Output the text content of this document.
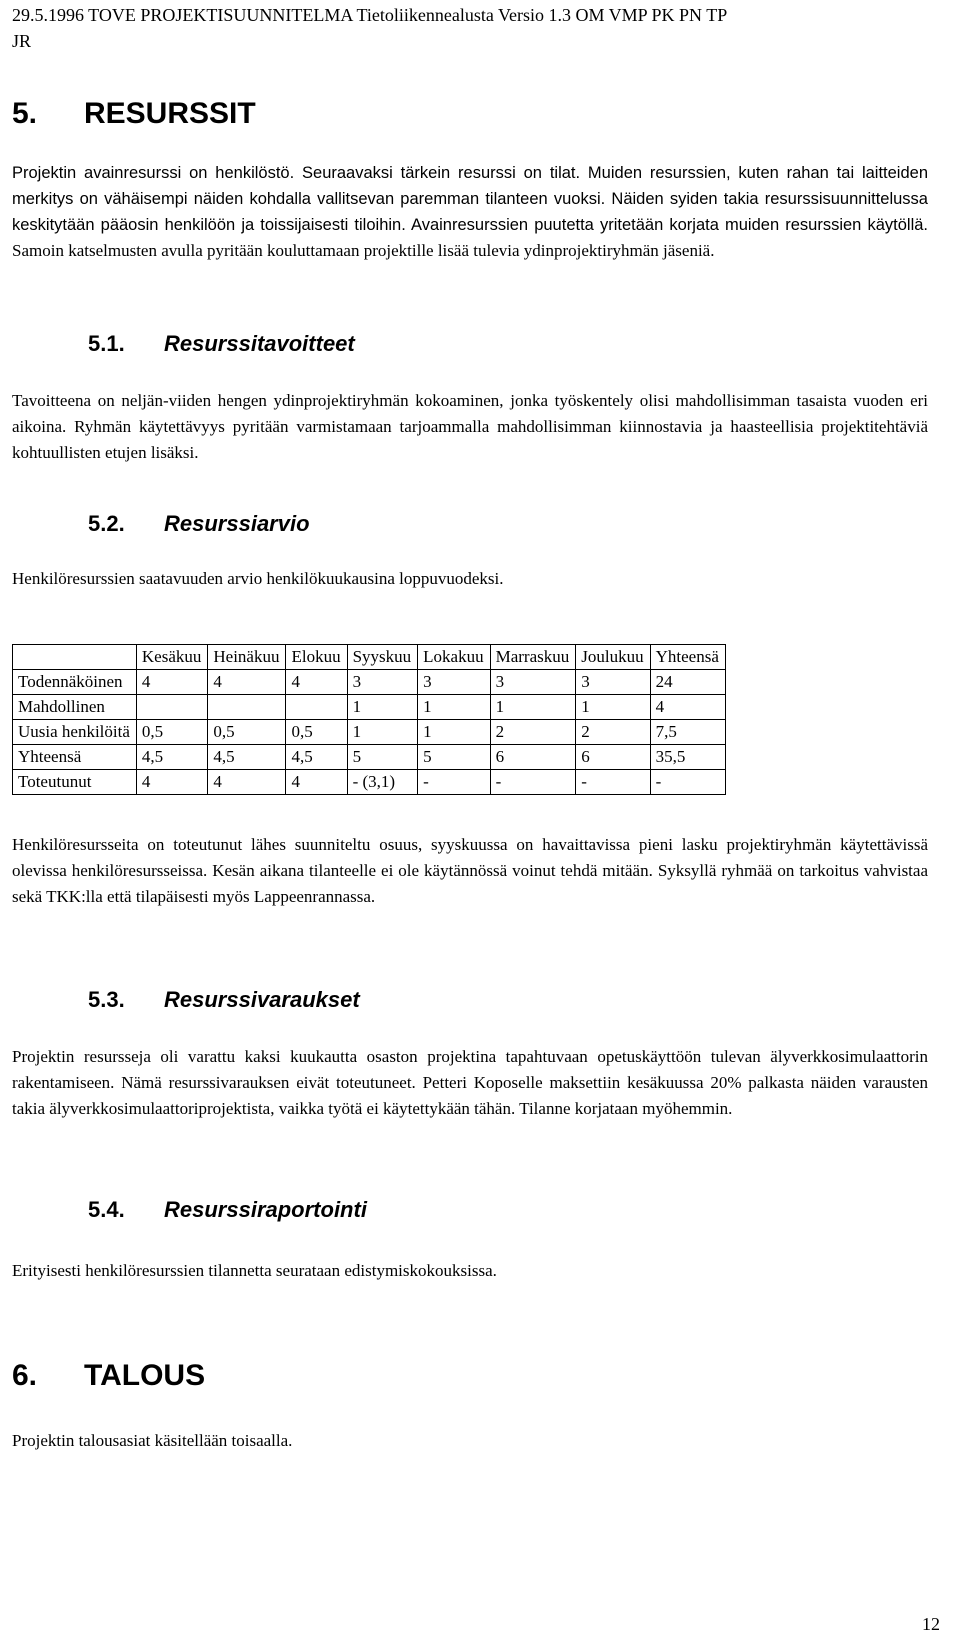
29.5.1996 TOVE PROJEKTISUUNNITELMA Tietoliikennealusta Versio 1.3 OM VMP PK PN TP
JR
5. RESURSSIT
Projektin avainresurssi on henkilöstö. Seuraavaksi tärkein resurssi on tilat. Muiden resurssien, kuten rahan tai laitteiden merkitys on vähäisempi näiden kohdalla vallitsevan paremman tilanteen vuoksi. Näiden syiden takia resurssisuunnittelussa keskitytään pääosin henkilöön ja toissijaisesti tiloihin. Avainresurssien puutetta yritetään korjata muiden resurssien käytöllä. Samoin katselmusten avulla pyritään kouluttamaan projektille lisää tulevia ydinprojektiryhmän jäseniä.
5.1. Resurssitavoitteet
Tavoitteena on neljän-viiden hengen ydinprojektiryhmän kokoaminen, jonka työskentely olisi mahdollisimman tasaista vuoden eri aikoina. Ryhmän käytettävyys pyritään varmistamaan tarjoammalla mahdollisimman kiinnostavia ja haasteellisia projektitehtäviä kohtuullisten etujen lisäksi.
5.2. Resurssiarvio
Henkilöresurssien saatavuuden arvio henkilökuukausina loppuvuodeksi.
	Kesäkuu	Heinäkuu	Elokuu	Syyskuu	Lokakuu	Marraskuu	Joulukuu	Yhteensä
Todennäköinen	4	4	4	3	3	3	3	24
Mahdollinen				1	1	1	1	4
Uusia henkilöitä	0,5	0,5	0,5	1	1	2	2	7,5
Yhteensä	4,5	4,5	4,5	5	5	6	6	35,5
Toteutunut	4	4	4	- (3,1)	-	-	-	-
Henkilöresursseita on toteutunut lähes suunniteltu osuus, syyskuussa on havaittavissa pieni lasku projektiryhmän käytettävissä olevissa henkilöresursseissa. Kesän aikana tilanteelle ei ole käytännössä voinut tehdä mitään. Syksyllä ryhmää on tarkoitus vahvistaa sekä TKK:lla että tilapäisesti myös Lappeenrannassa.
5.3. Resurssivaraukset
Projektin resursseja oli varattu kaksi kuukautta osaston projektina tapahtuvaan opetuskäyttöön tulevan älyverkkosimulaattorin rakentamiseen. Nämä resurssivarauksen eivät toteutuneet. Petteri Koposelle maksettiin kesäkuussa 20% palkasta näiden varausten takia älyverkkosimulaattoriprojektista, vaikka työtä ei käytettykään tähän. Tilanne korjataan myöhemmin.
5.4. Resurssiraportointi
Erityisesti henkilöresurssien tilannetta seurataan edistymiskokouksissa.
6. TALOUS
Projektin talousasiat käsitellään toisaalla.
12
